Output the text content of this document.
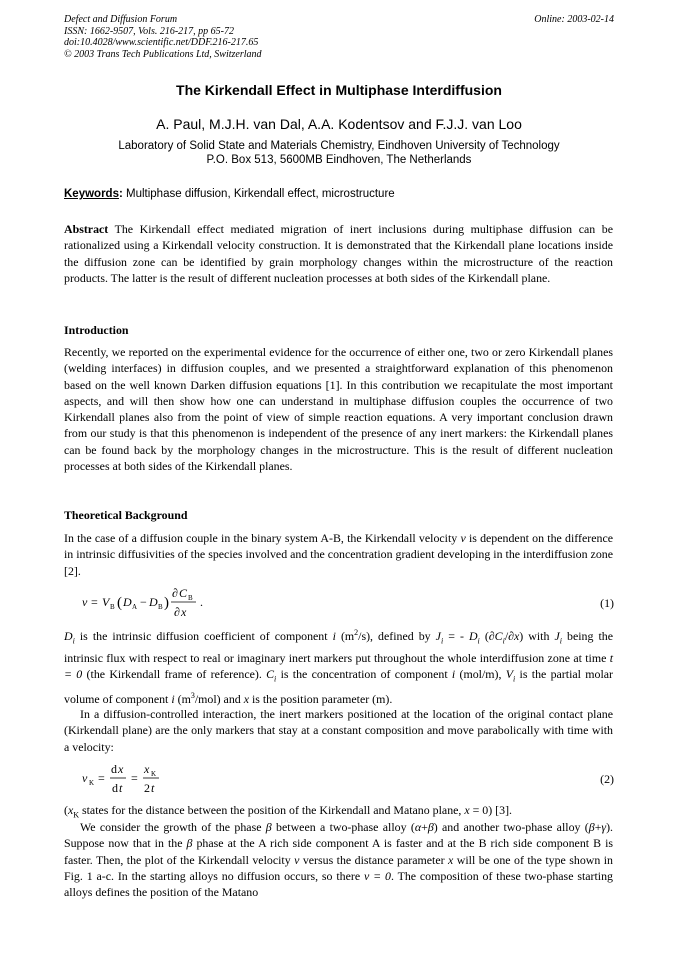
Defect and Diffusion Forum
ISSN: 1662-9507, Vols. 216-217, pp 65-72
doi:10.4028/www.scientific.net/DDF.216-217.65
© 2003 Trans Tech Publications Ltd, Switzerland
Online: 2003-02-14
The Kirkendall Effect in Multiphase Interdiffusion
A. Paul, M.J.H. van Dal, A.A. Kodentsov and F.J.J. van Loo
Laboratory of Solid State and Materials Chemistry, Eindhoven University of Technology
P.O. Box 513, 5600MB Eindhoven, The Netherlands
Keywords: Multiphase diffusion, Kirkendall effect, microstructure
Abstract The Kirkendall effect mediated migration of inert inclusions during multiphase diffusion can be rationalized using a Kirkendall velocity construction. It is demonstrated that the Kirkendall plane locations inside the diffusion zone can be identified by grain morphology changes within the microstructure of the reaction products. The latter is the result of different nucleation processes at both sides of the Kirkendall plane.
Introduction
Recently, we reported on the experimental evidence for the occurrence of either one, two or zero Kirkendall planes (welding interfaces) in diffusion couples, and we presented a straightforward explanation of this phenomenon based on the well known Darken diffusion equations [1]. In this contribution we recapitulate the most important aspects, and will then show how one can understand in multiphase diffusion couples the occurrence of two Kirkendall planes also from the point of view of simple reaction equations. A very important conclusion drawn from our study is that this phenomenon is independent of the presence of any inert markers: the Kirkendall planes can be found back by the morphology changes in the microstructure. This is the result of different nucleation processes at both sides of the Kirkendall planes.
Theoretical Background
In the case of a diffusion couple in the binary system A-B, the Kirkendall velocity v is dependent on the difference in intrinsic diffusivities of the species involved and the concentration gradient developing in the interdiffusion zone [2].
v = V B ( D A − D B )
∂ C B
∂ x
.	(1)
$D_i$ is the intrinsic diffusion coefficient of component i $(m^2/s)$, defined by $J_i$ = - $D_i$ $(\partial C_i/\partial x)$ with $J_i$ being the intrinsic flux with respect to real or imaginary inert markers put throughout the whole interdiffusion zone at time t = 0 (the Kirkendall frame of reference). $C_i$ is the concentration of component i (mol/m), $V_i$ is the partial molar volume of component i $(m^3/mol)$ and x is the position parameter (m).
In a diffusion-controlled interaction, the inert markers positioned at the location of the original contact plane (Kirkendall plane) are the only markers that stay at a constant composition and move parabolically with time with a velocity:
v K =
d x
d t
=
x K
2 t
(2)
($x_K$ states for the distance between the position of the Kirkendall and Matano plane, x = 0) [3].
We consider the growth of the phase β between a two-phase alloy (α+β) and another two-phase alloy (β+γ). Suppose now that in the β phase at the A rich side component A is faster and at the B rich side component B is faster. Then, the plot of the Kirkendall velocity v versus the distance parameter x will be one of the type shown in Fig. 1 a-c. In the starting alloys no diffusion occurs, so there v = 0. The composition of these two-phase starting alloys defines the position of the Matano
